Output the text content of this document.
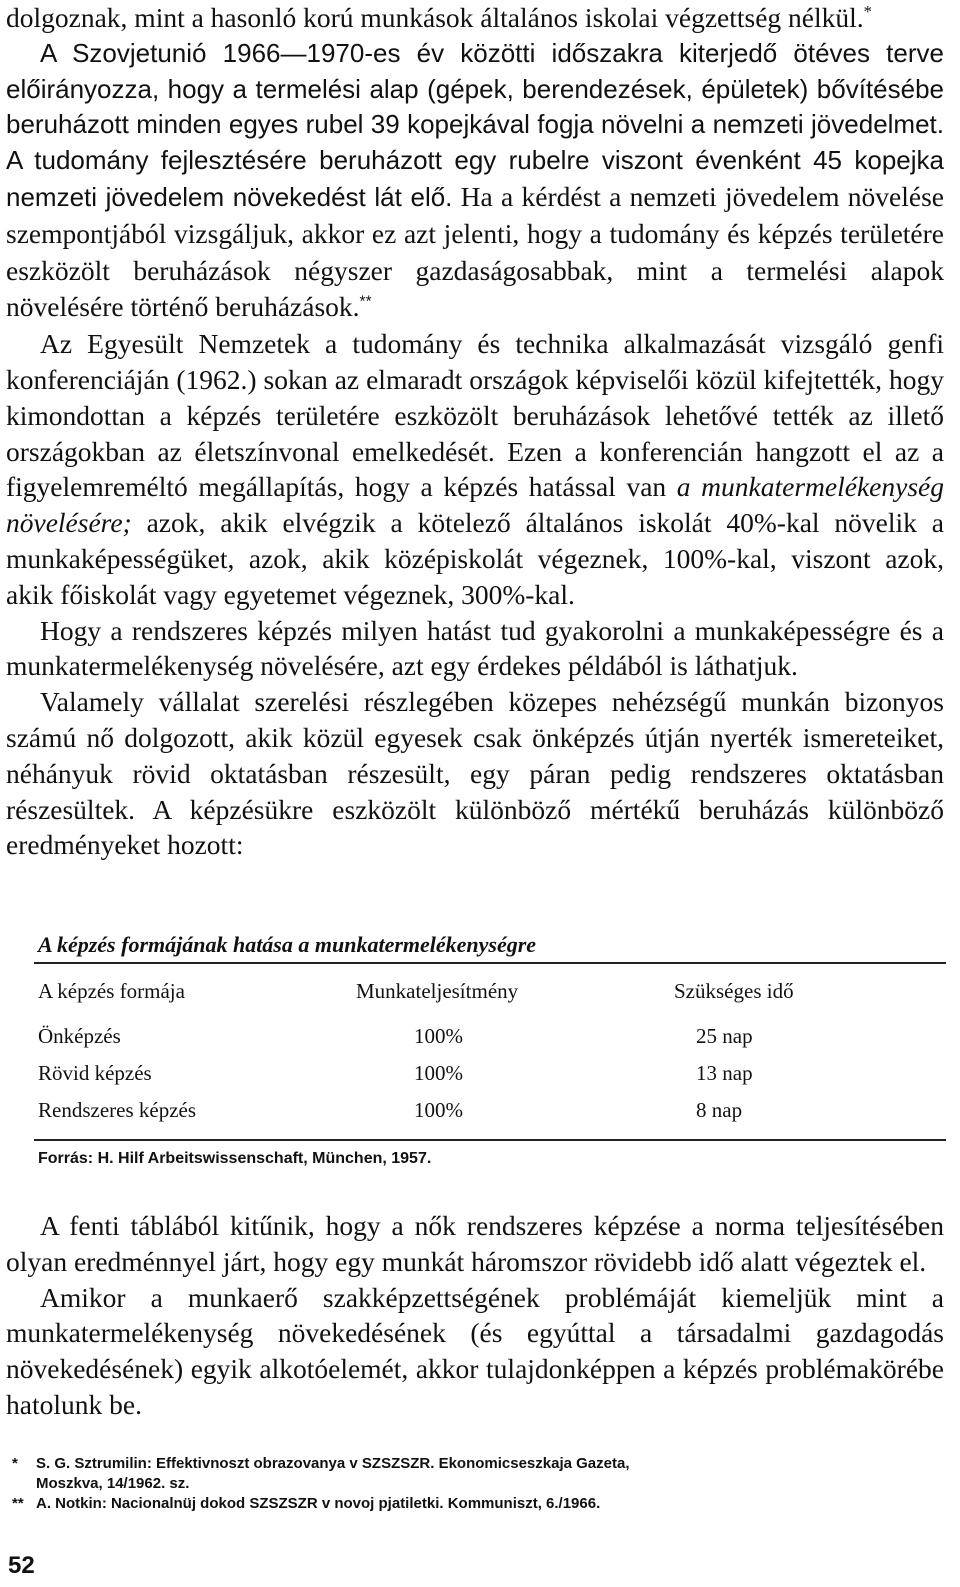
dolgoznak, mint a hasonló korú munkások általános iskolai végzettség nélkül.*

A Szovjetunió 1966—1970-es év közötti időszakra kiterjedő ötéves terve előirányozza, hogy a termelési alap (gépek, berendezések, épületek) bővítésébe beruházott minden egyes rubel 39 kopejkával fogja növelni a nemzeti jövedelmet. A tudomány fejlesztésére beruházott egy rubelre viszont évenként 45 kopejka nemzeti jövedelem növekedést lát elő. Ha a kérdést a nemzeti jövedelem növelése szempontjából vizsgáljuk, akkor ez azt jelenti, hogy a tudomány és képzés területére eszközölt beruházások négyszer gazdaságosabbak, mint a termelési alapok növelésére történő beruházások.**

Az Egyesült Nemzetek a tudomány és technika alkalmazását vizsgáló genfi konferenciáján (1962.) sokan az elmaradt országok képviselői közül kifejtették, hogy kimondottan a képzés területére eszközölt beruházások lehetővé tették az illető országokban az életszínvonal emelkedését. Ezen a konferencián hangzott el az a figyelemreméltó megállapítás, hogy a képzés hatással van a munkatermelékenység növelésére; azok, akik elvégzik a kötelező általános iskolát 40%-kal növelik a munkaképességüket, azok, akik középiskolát végeznek, 100%-kal, viszont azok, akik főiskolát vagy egyetemet végeznek, 300%-kal.

Hogy a rendszeres képzés milyen hatást tud gyakorolni a munkaképességre és a munkatermelékenység növelésére, azt egy érdekes példából is láthatjuk.

Valamely vállalat szerelési részlegében közepes nehézségű munkán bizonyos számú nő dolgozott, akik közül egyesek csak önképzés útján nyerték ismereteiket, néhányuk rövid oktatásban részesült, egy páran pedig rendszeres oktatásban részesültek. A képzésükre eszközölt különböző mértékű beruházás különböző eredményeket hozott:

A képzés formájának hatása a munkatermelékenységre
A képzés formája	Munkateljesítmény	Szükséges idő
Önképzés	100%	25 nap
Rövid képzés	100%	13 nap
Rendszeres képzés	100%	8 nap
Forrás: H. Hilf Arbeitswissenschaft, München, 1957.

A fenti táblából kitűnik, hogy a nők rendszeres képzése a norma teljesítésében olyan eredménnyel járt, hogy egy munkát háromszor rövidebb idő alatt végeztek el.

Amikor a munkaerő szakképzettségének problémáját kiemeljük mint a munkatermelékenység növekedésének (és egyúttal a társadalmi gazdagodás növekedésének) egyik alkotóelemét, akkor tulajdonképpen a képzés problémakörébe hatolunk be.

* S. G. Sztrumilin: Effektivnoszt obrazovanya v SZSZSZR. Ekonomicseszkaja Gazeta,

Moszkva, 14/1962. sz.

** A. Notkin: Nacionalnüj dokod SZSZSZR v novoj pjatiletki. Kommuniszt, 6./1966.

52
